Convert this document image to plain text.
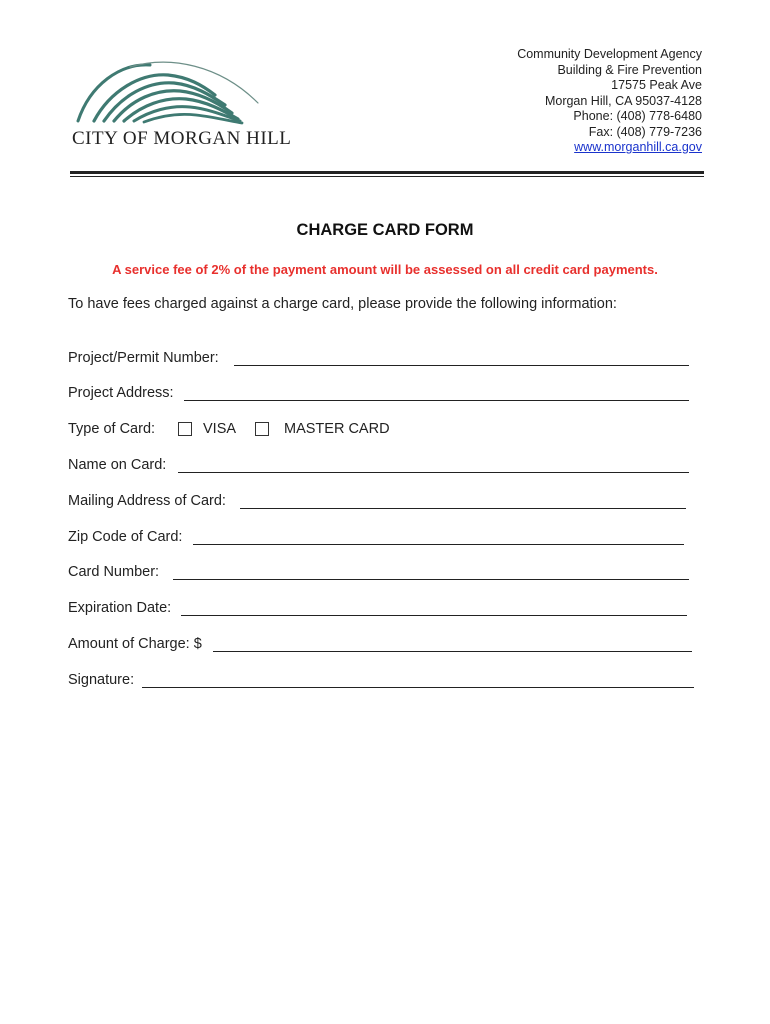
CITY OF MORGAN HILL
Community Development Agency
Building & Fire Prevention
17575 Peak Ave
Morgan Hill, CA 95037-4128
Phone: (408) 778-6480
Fax: (408) 779-7236
www.morganhill.ca.gov
CHARGE CARD FORM
A service fee of 2% of the payment amount will be assessed on all credit card payments.
To have fees charged against a charge card, please provide the following information:
Project/Permit Number:
Project Address:
Type of Card:	VISA	MASTER CARD
Name on Card:
Mailing Address of Card:
Zip Code of Card:
Card Number:
Expiration Date:
Amount of Charge: $
Signature:
